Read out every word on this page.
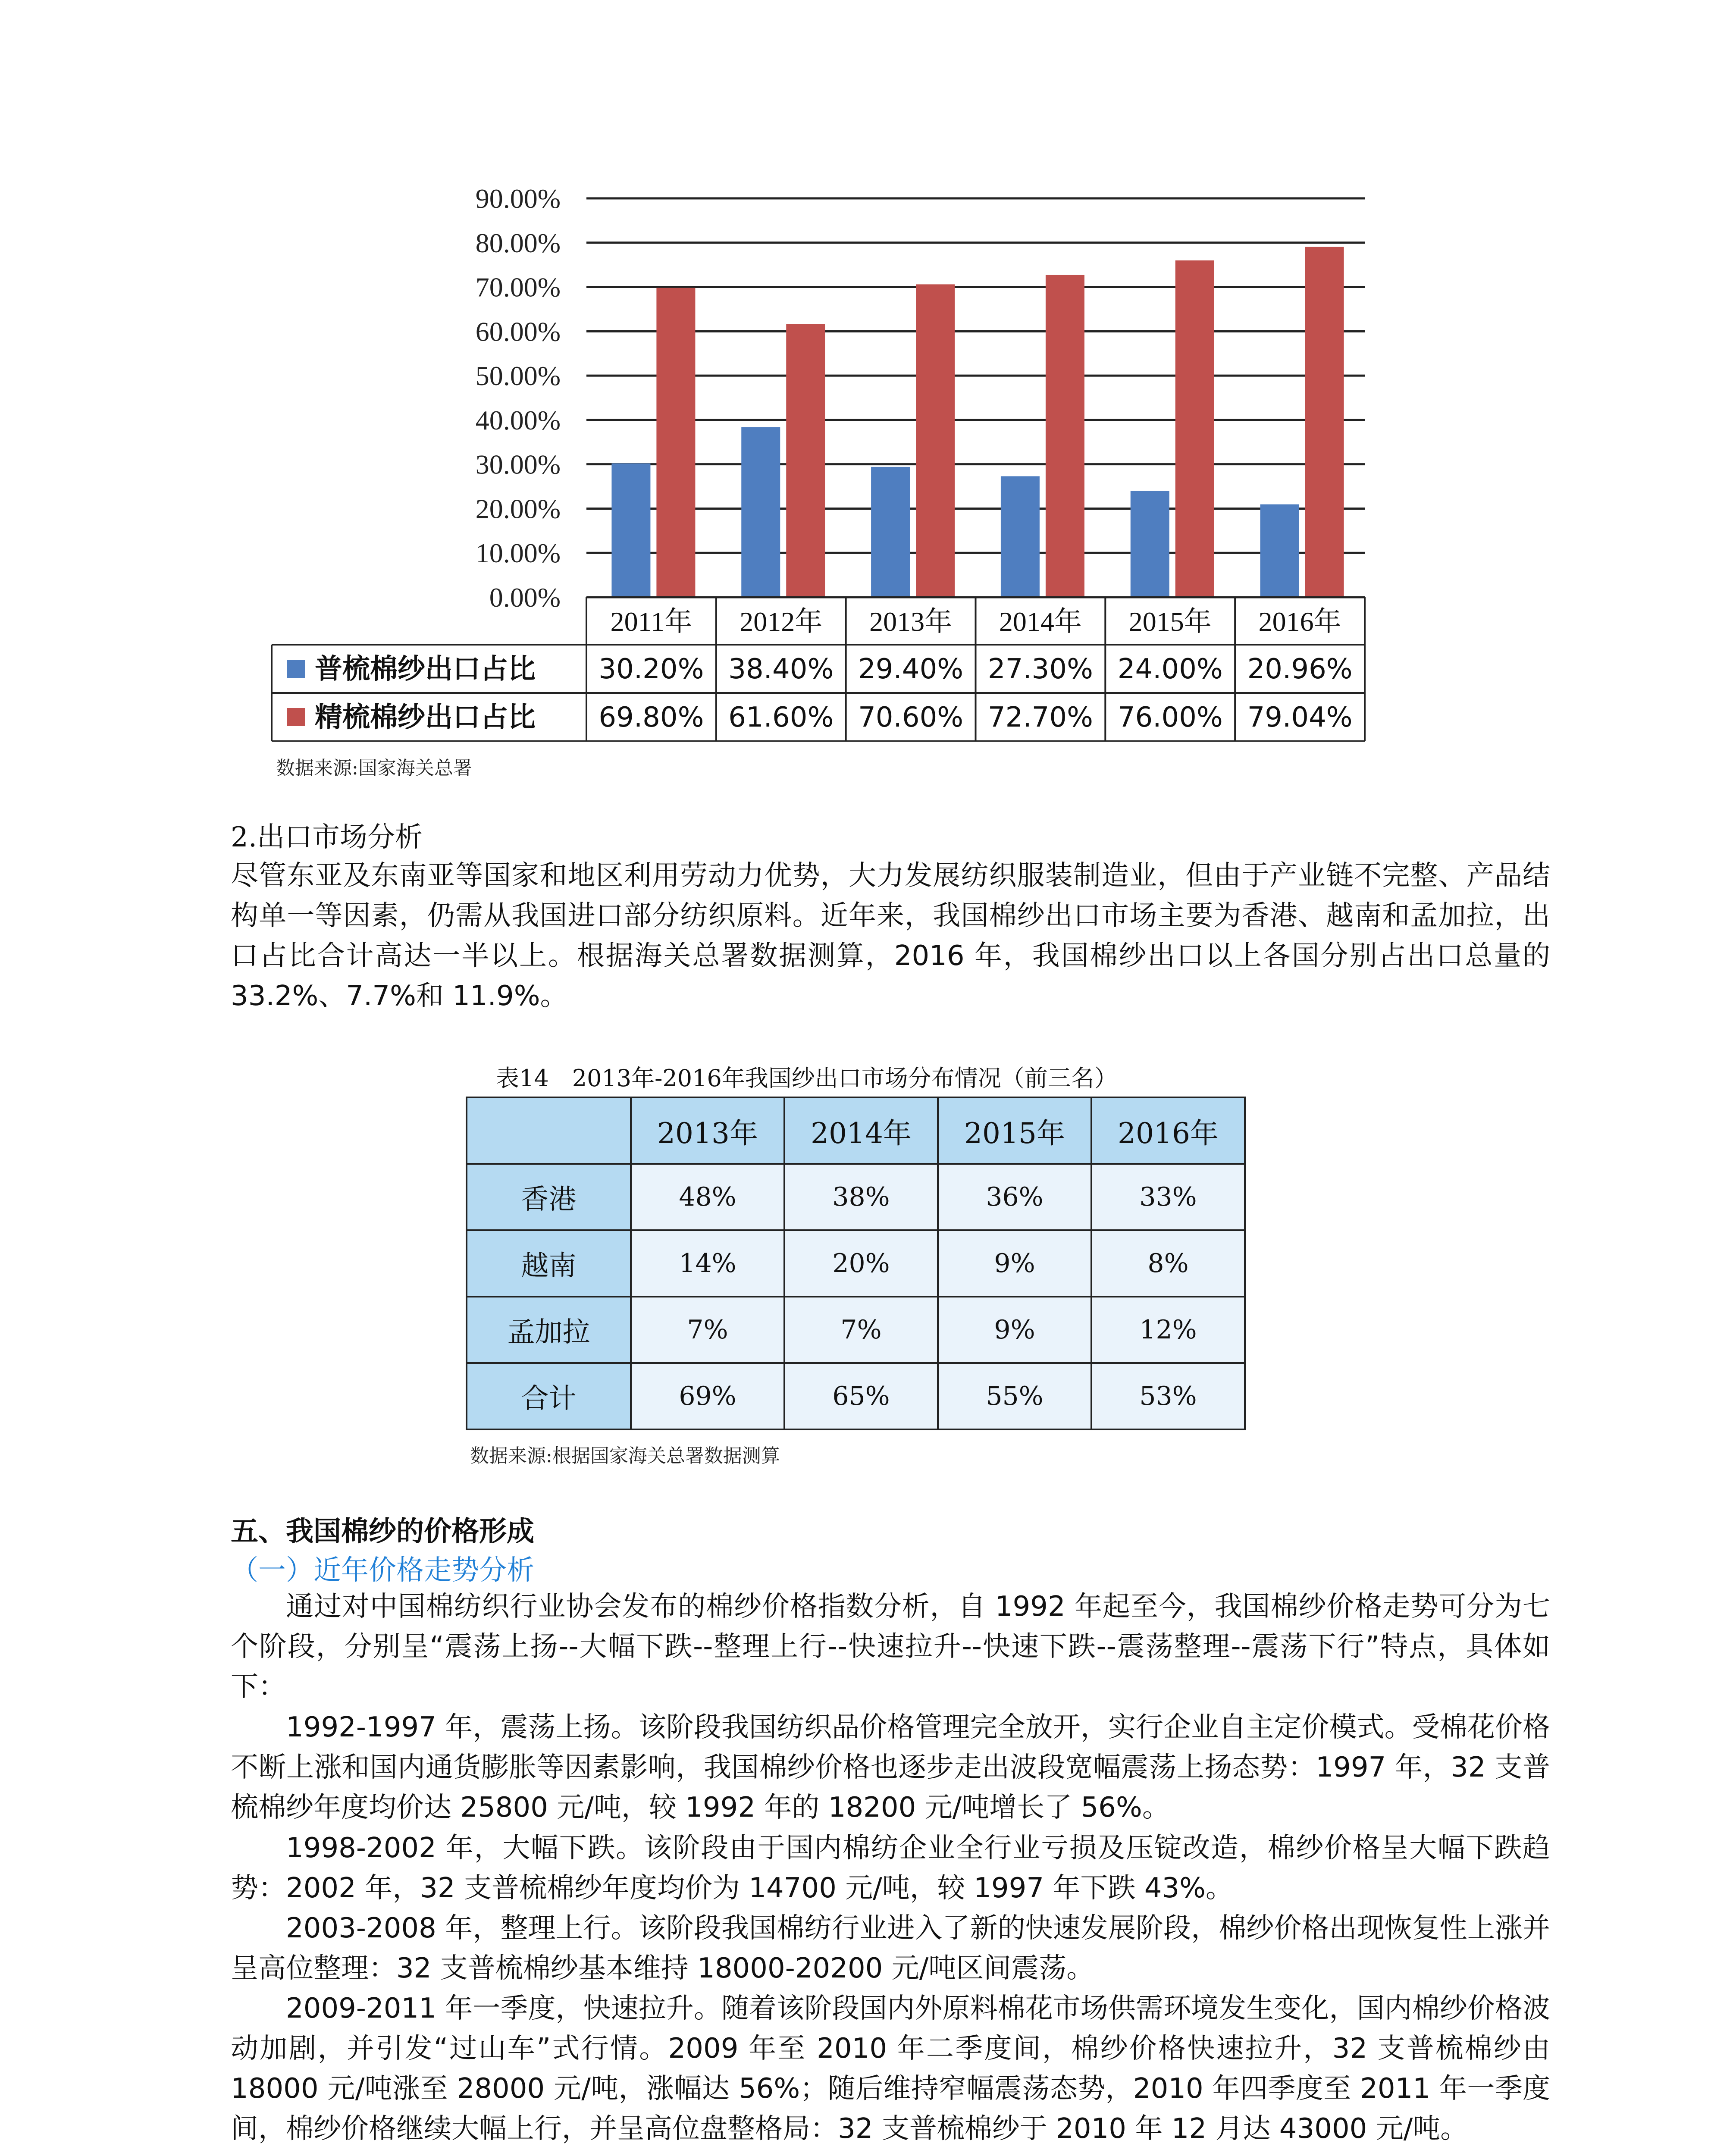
0.00%
10.00%
20.00%
30.00%
40.00%
50.00%
60.00%
70.00%
80.00%
90.00%
2011年 2012年 2013年 2014年 2015年 2016年
普梳棉纱出口占比 30.20% 38.40% 29.40% 27.30% 24.00% 20.96%
精梳棉纱出口占比 69.80% 61.60% 70.60% 72.70% 76.00% 79.04%
数据来源:国家海关总署
2.出口市场分析
尽管东亚及东南亚等国家和地区利用劳动力优势，大力发展纺织服装制造业，但由于产业链不完整、产品结构单一等因素，仍需从我国进口部分纺织原料。近年来，我国棉纱出口市场主要为香港、越南和孟加拉，出口占比合计高达一半以上。根据海关总署数据测算，2016 年，我国棉纱出口以上各国分别占出口总量的 33.2%、7.7%和 11.9%。
表14　2013年-2016年我国纱出口市场分布情况（前三名）
	2013年	2014年	2015年	2016年
香港	48%	38%	36%	33%
越南	14%	20%	9%	8%
孟加拉	7%	7%	9%	12%
合计	69%	65%	55%	53%
数据来源:根据国家海关总署数据测算
五、我国棉纱的价格形成
（一）近年价格走势分析
通过对中国棉纺织行业协会发布的棉纱价格指数分析，自 1992 年起至今，我国棉纱价格走势可分为七个阶段，分别呈“震荡上扬--大幅下跌--整理上行--快速拉升--快速下跌--震荡整理--震荡下行”特点，具体如下：
1992-1997 年，震荡上扬。该阶段我国纺织品价格管理完全放开，实行企业自主定价模式。受棉花价格不断上涨和国内通货膨胀等因素影响，我国棉纱价格也逐步走出波段宽幅震荡上扬态势：1997 年，32 支普梳棉纱年度均价达 25800 元/吨，较 1992 年的 18200 元/吨增长了 56%。
1998-2002 年，大幅下跌。该阶段由于国内棉纺企业全行业亏损及压锭改造，棉纱价格呈大幅下跌趋势：2002 年，32 支普梳棉纱年度均价为 14700 元/吨，较 1997 年下跌 43%。
2003-2008 年，整理上行。该阶段我国棉纺行业进入了新的快速发展阶段，棉纱价格出现恢复性上涨并呈高位整理：32 支普梳棉纱基本维持 18000-20200 元/吨区间震荡。
2009-2011 年一季度，快速拉升。随着该阶段国内外原料棉花市场供需环境发生变化，国内棉纱价格波动加剧，并引发“过山车”式行情。2009 年至 2010 年二季度间，棉纱价格快速拉升，32 支普梳棉纱由 18000 元/吨涨至 28000 元/吨，涨幅达 56%；随后维持窄幅震荡态势，2010 年四季度至 2011 年一季度间，棉纱价格继续大幅上行，并呈高位盘整格局：32 支普梳棉纱于 2010 年 12 月达 43000 元/吨。
